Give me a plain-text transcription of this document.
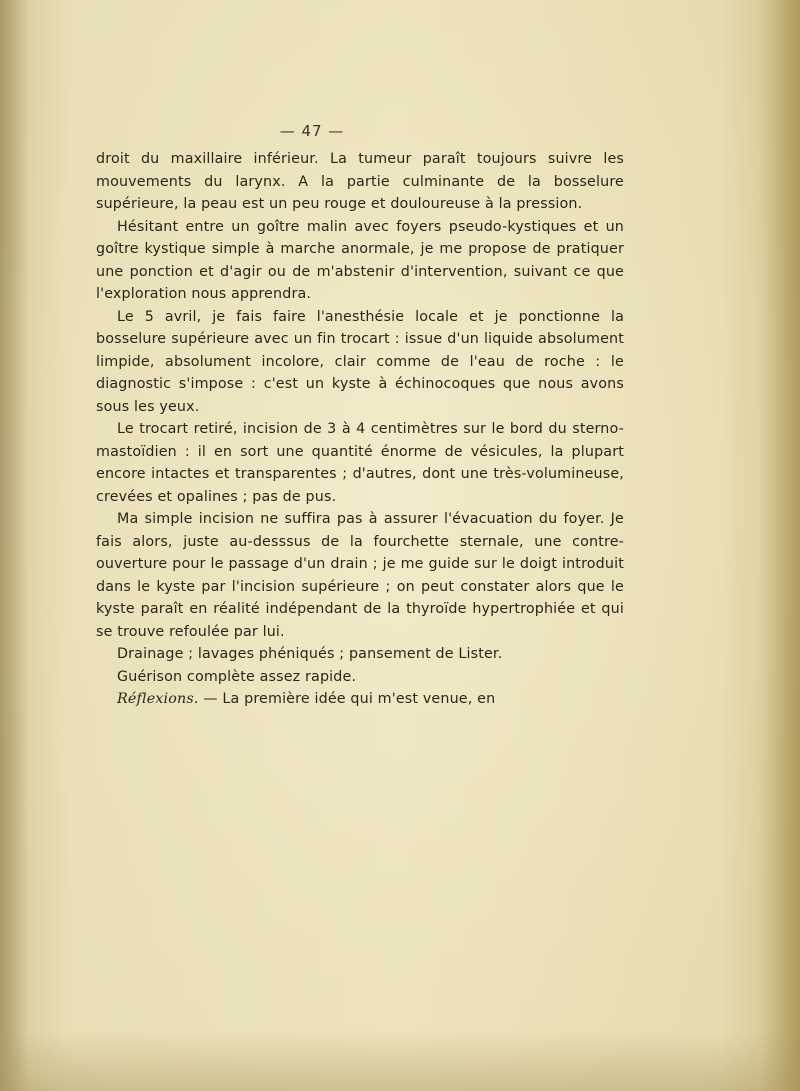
— 47 —

droit du maxillaire inférieur. La tumeur paraît toujours suivre les mouvements du larynx. A la partie culminante de la bosselure supérieure, la peau est un peu rouge et douloureuse à la pression.

Hésitant entre un goître malin avec foyers pseudo-kystiques et un goître kystique simple à marche anormale, je me propose de pratiquer une ponction et d'agir ou de m'abstenir d'intervention, suivant ce que l'exploration nous apprendra.

Le 5 avril, je fais faire l'anesthésie locale et je ponctionne la bosselure supérieure avec un fin trocart : issue d'un liquide absolument limpide, absolument incolore, clair comme de l'eau de roche : le diagnostic s'impose : c'est un kyste à échinocoques que nous avons sous les yeux.

Le trocart retiré, incision de 3 à 4 centimètres sur le bord du sterno-mastoïdien : il en sort une quantité énorme de vésicules, la plupart encore intactes et transparentes ; d'autres, dont une très-volumineuse, crevées et opalines ; pas de pus.

Ma simple incision ne suffira pas à assurer l'évacuation du foyer. Je fais alors, juste au-desssus de la fourchette sternale, une contre-ouverture pour le passage d'un drain ; je me guide sur le doigt introduit dans le kyste par l'incision supérieure ; on peut constater alors que le kyste paraît en réalité indépendant de la thyroïde hypertrophiée et qui se trouve refoulée par lui.

Drainage ; lavages phéniqués ; pansement de Lister.

Guérison complète assez rapide.

Réflexions. — La première idée qui m'est venue, en
